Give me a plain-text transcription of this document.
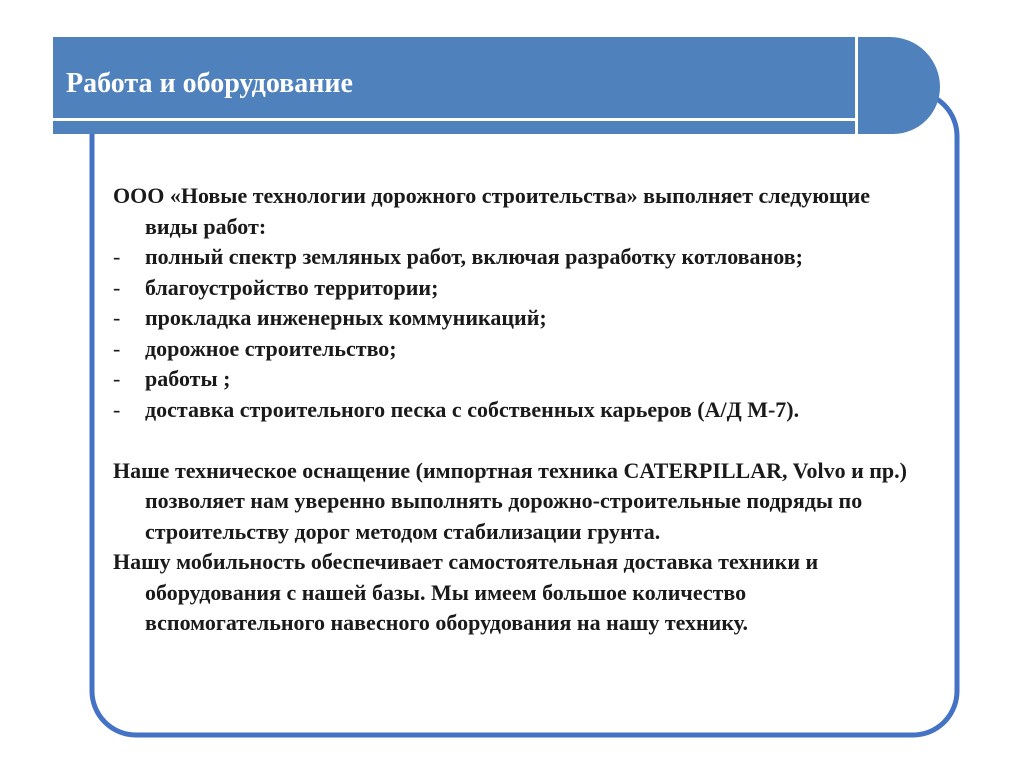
Работа и оборудование

ООО «Новые технологии дорожного строительства» выполняет следующие виды работ:

- полный спектр земляных работ, включая разработку котлованов;
- благоустройство территории;
- прокладка инженерных коммуникаций;
- дорожное строительство;
- работы ;
- доставка строительного песка с собственных карьеров (А/Д М-7).

Наше техническое оснащение (импортная техника CATERPILLAR, Volvo и пр.) позволяет нам уверенно выполнять дорожно-строительные подряды по строительству дорог методом стабилизации грунта.

Нашу мобильность обеспечивает самостоятельная доставка техники и оборудования с нашей базы. Мы имеем большое количество вспомогательного навесного оборудования на нашу технику.
